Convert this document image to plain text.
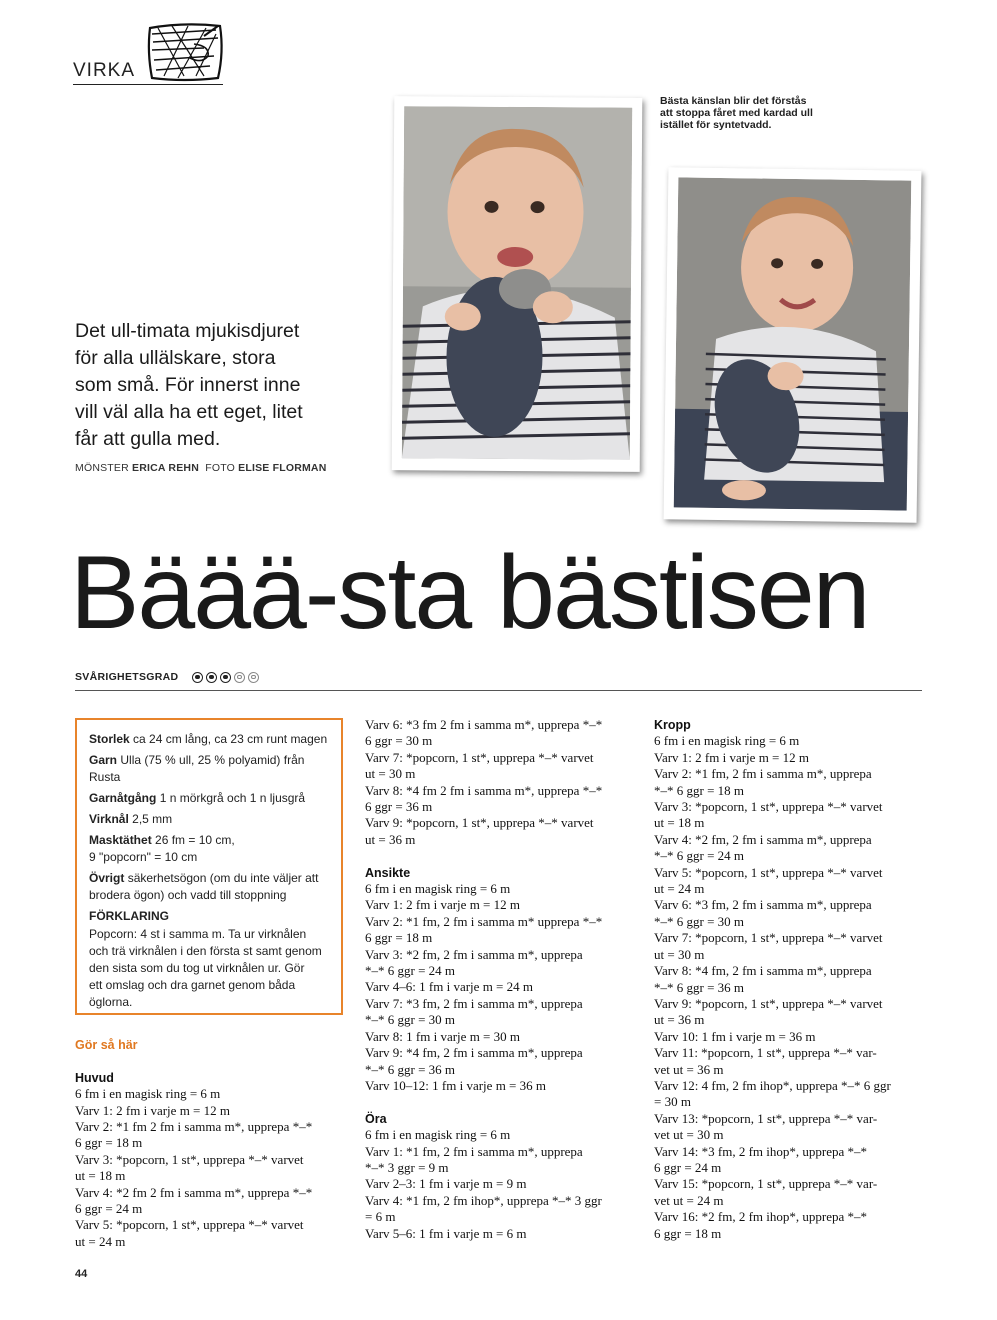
VIRKA
Bästa känslan blir det förstås
att stoppa fåret med kardad ull
istället för syntetvadd.
Det ull-timata mjukisdjuret
för alla ullälskare, stora
som små. För innerst inne
vill väl alla ha ett eget, litet
får att gulla med.
MÖNSTER ERICA REHN FOTO ELISE FLORMAN
Bäää-sta bästisen
SVÅRIGHETSGRAD

Storlek ca 24 cm lång, ca 23 cm runt magen

Garn Ulla (75 % ull, 25 % polyamid) från
Rusta

Garnåtgång 1 n mörkgrå och 1 n ljusgrå

Virknål 2,5 mm

Masktäthet 26 fm = 10 cm,
9 "popcorn" = 10 cm

Övrigt säkerhetsögon (om du inte väljer att
brodera ögon) och vadd till stoppning

FÖRKLARING
Popcorn: 4 st i samma m. Ta ur virknålen
och trä virknålen i den första st samt genom
den sista som du tog ut virknålen ur. Gör
ett omslag och dra garnet genom båda
öglorna.
Gör så här
Huvud
6 fm i en magisk ring = 6 m
Varv 1: 2 fm i varje m = 12 m
Varv 2: *1 fm 2 fm i samma m*, upprepa *–*
6 ggr = 18 m
Varv 3: *popcorn, 1 st*, upprepa *–* varvet
ut = 18 m
Varv 4: *2 fm 2 fm i samma m*, upprepa *–*
6 ggr = 24 m
Varv 5: *popcorn, 1 st*, upprepa *–* varvet
ut = 24 m
Varv 6: *3 fm 2 fm i samma m*, upprepa *–*
6 ggr = 30 m
Varv 7: *popcorn, 1 st*, upprepa *–* varvet
ut = 30 m
Varv 8: *4 fm 2 fm i samma m*, upprepa *–*
6 ggr = 36 m
Varv 9: *popcorn, 1 st*, upprepa *–* varvet
ut = 36 m
Ansikte
6 fm i en magisk ring = 6 m
Varv 1: 2 fm i varje m = 12 m
Varv 2: *1 fm, 2 fm i samma m* upprepa *–*
6 ggr = 18 m
Varv 3: *2 fm, 2 fm i samma m*, upprepa
*–* 6 ggr = 24 m
Varv 4–6: 1 fm i varje m = 24 m
Varv 7: *3 fm, 2 fm i samma m*, upprepa
*–* 6 ggr = 30 m
Varv 8: 1 fm i varje m = 30 m
Varv 9: *4 fm, 2 fm i samma m*, upprepa
*–* 6 ggr = 36 m
Varv 10–12: 1 fm i varje m = 36 m
Öra
6 fm i en magisk ring = 6 m
Varv 1: *1 fm, 2 fm i samma m*, upprepa
*–* 3 ggr = 9 m
Varv 2–3: 1 fm i varje m = 9 m
Varv 4: *1 fm, 2 fm ihop*, upprepa *–* 3 ggr
= 6 m
Varv 5–6: 1 fm i varje m = 6 m
Kropp
6 fm i en magisk ring = 6 m
Varv 1: 2 fm i varje m = 12 m
Varv 2: *1 fm, 2 fm i samma m*, upprepa
*–* 6 ggr = 18 m
Varv 3: *popcorn, 1 st*, upprepa *–* varvet
ut = 18 m
Varv 4: *2 fm, 2 fm i samma m*, upprepa
*–* 6 ggr = 24 m
Varv 5: *popcorn, 1 st*, upprepa *–* varvet
ut = 24 m
Varv 6: *3 fm, 2 fm i samma m*, upprepa
*–* 6 ggr = 30 m
Varv 7: *popcorn, 1 st*, upprepa *–* varvet
ut = 30 m
Varv 8: *4 fm, 2 fm i samma m*, upprepa
*–* 6 ggr = 36 m
Varv 9: *popcorn, 1 st*, upprepa *–* varvet
ut = 36 m
Varv 10: 1 fm i varje m = 36 m
Varv 11: *popcorn, 1 st*, upprepa *–* var-
vet ut = 36 m
Varv 12: 4 fm, 2 fm ihop*, upprepa *–* 6 ggr
= 30 m
Varv 13: *popcorn, 1 st*, upprepa *–* var-
vet ut = 30 m
Varv 14: *3 fm, 2 fm ihop*, upprepa *–*
6 ggr = 24 m
Varv 15: *popcorn, 1 st*, upprepa *–* var-
vet ut = 24 m
Varv 16: *2 fm, 2 fm ihop*, upprepa *–*
6 ggr = 18 m
44
